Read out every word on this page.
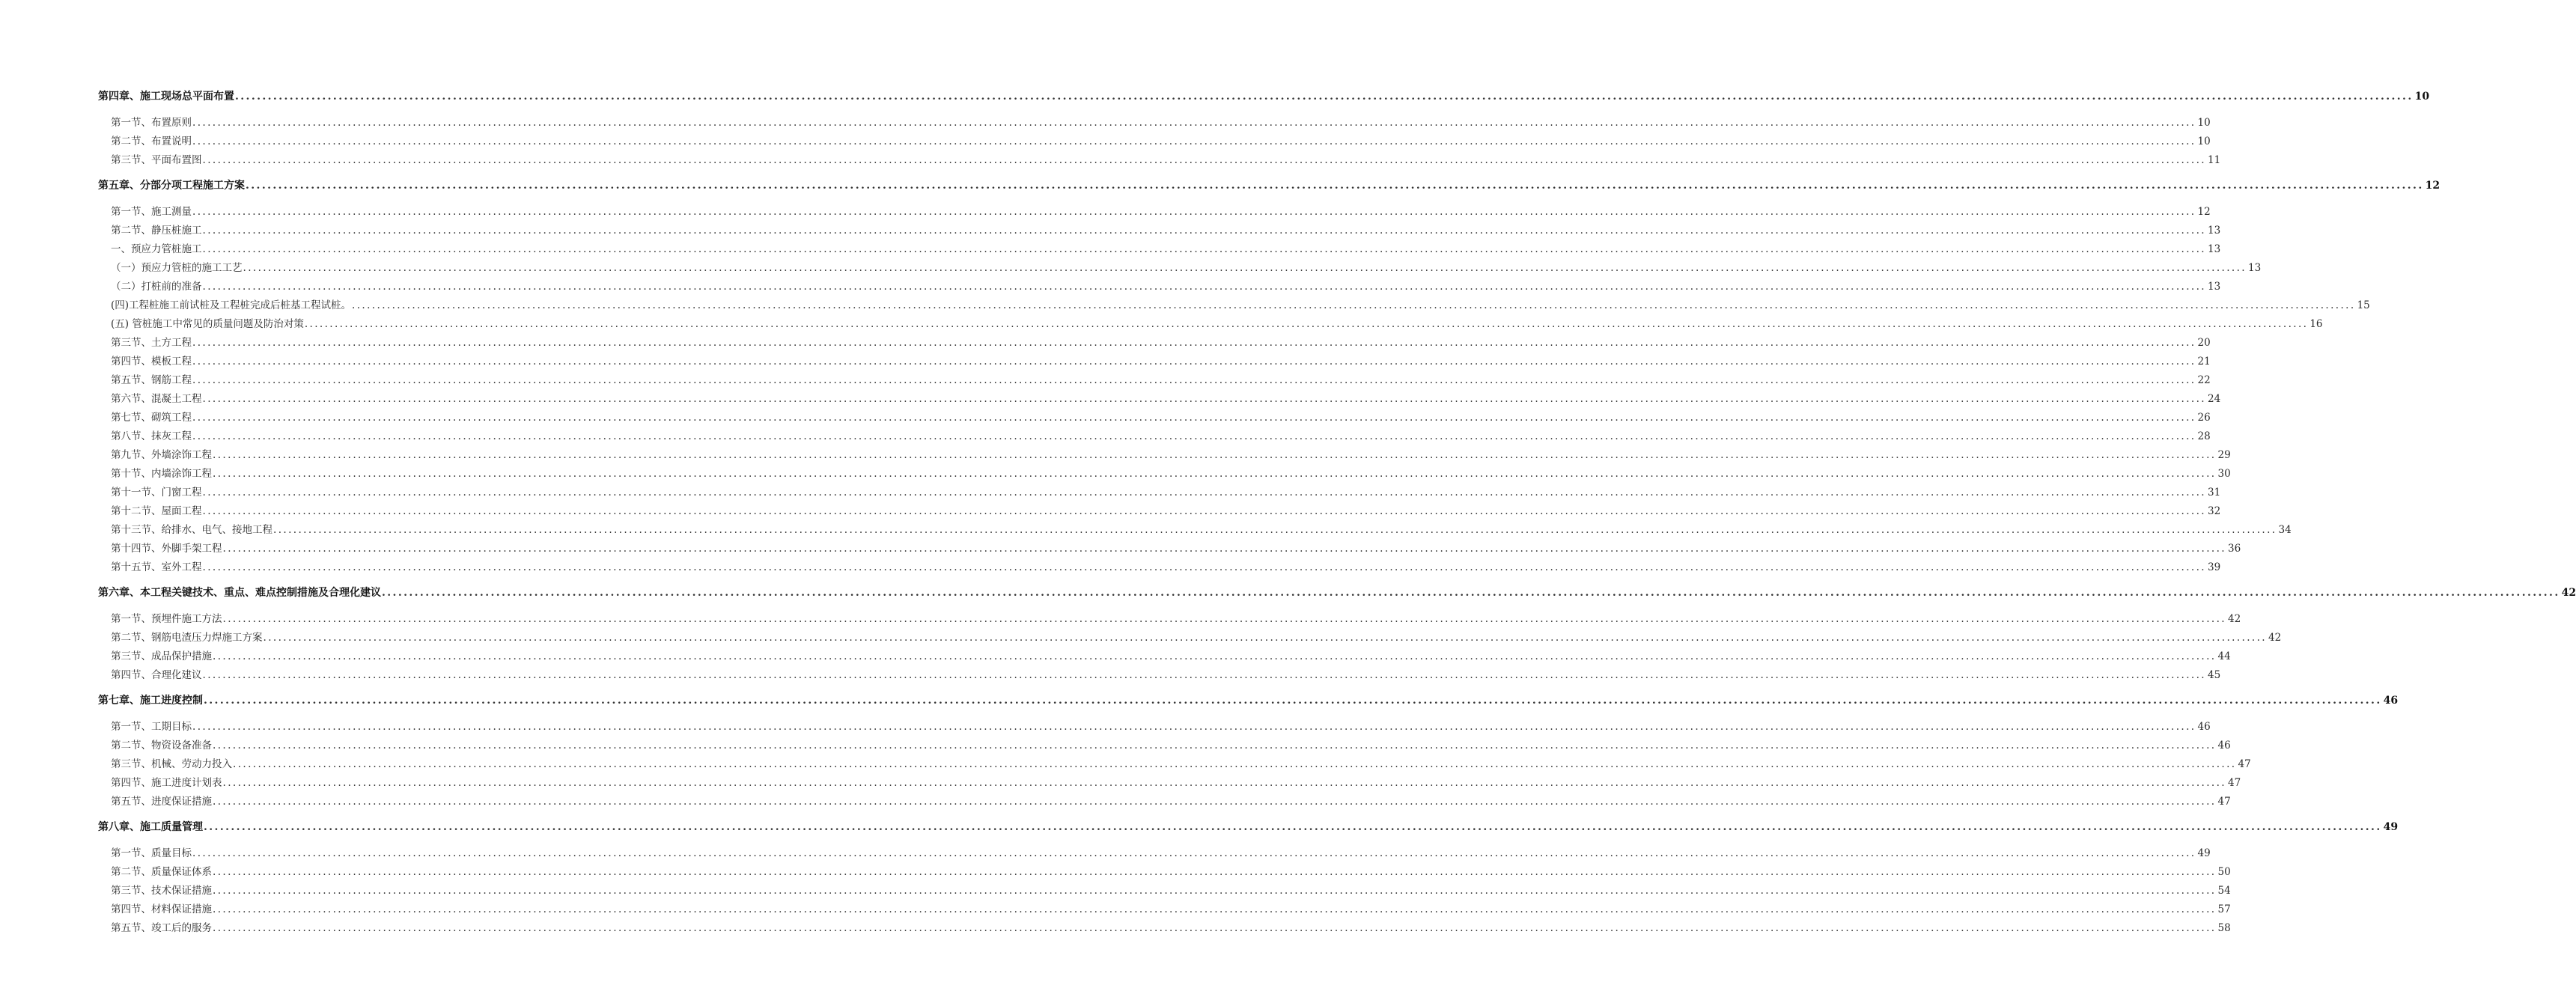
第四章、施工现场总平面布置 ................................................................................................................................................................................................................................................................................................................................................................................................................ 10
第一节、布置原则 ................................................................................................................................................................................................................................................................................................................................................................................................................ 10
第二节、布置说明 ................................................................................................................................................................................................................................................................................................................................................................................................................ 10
第三节、平面布置图 ................................................................................................................................................................................................................................................................................................................................................................................................................ 11
第五章、分部分项工程施工方案 ................................................................................................................................................................................................................................................................................................................................................................................................................ 12
第一节、施工测量 ................................................................................................................................................................................................................................................................................................................................................................................................................ 12
第二节、静压桩施工 ................................................................................................................................................................................................................................................................................................................................................................................................................ 13
一、预应力管桩施工 ................................................................................................................................................................................................................................................................................................................................................................................................................ 13
（一）预应力管桩的施工工艺 ................................................................................................................................................................................................................................................................................................................................................................................................................ 13
（二）打桩前的准备 ................................................................................................................................................................................................................................................................................................................................................................................................................ 13
(四)工程桩施工前试桩及工程桩完成后桩基工程试桩。 ................................................................................................................................................................................................................................................................................................................................................................................................................ 15
(五) 管桩施工中常见的质量问题及防治对策 ................................................................................................................................................................................................................................................................................................................................................................................................................ 16
第三节、土方工程 ................................................................................................................................................................................................................................................................................................................................................................................................................ 20
第四节、模板工程 ................................................................................................................................................................................................................................................................................................................................................................................................................ 21
第五节、钢筋工程 ................................................................................................................................................................................................................................................................................................................................................................................................................ 22
第六节、混凝土工程 ................................................................................................................................................................................................................................................................................................................................................................................................................ 24
第七节、砌筑工程 ................................................................................................................................................................................................................................................................................................................................................................................................................ 26
第八节、抹灰工程 ................................................................................................................................................................................................................................................................................................................................................................................................................ 28
第九节、外墙涂饰工程 ................................................................................................................................................................................................................................................................................................................................................................................................................ 29
第十节、内墙涂饰工程 ................................................................................................................................................................................................................................................................................................................................................................................................................ 30
第十一节、门窗工程 ................................................................................................................................................................................................................................................................................................................................................................................................................ 31
第十二节、屋面工程 ................................................................................................................................................................................................................................................................................................................................................................................................................ 32
第十三节、给排水、电气、接地工程 ................................................................................................................................................................................................................................................................................................................................................................................................................ 34
第十四节、外脚手架工程 ................................................................................................................................................................................................................................................................................................................................................................................................................ 36
第十五节、室外工程 ................................................................................................................................................................................................................................................................................................................................................................................................................ 39
第六章、本工程关键技术、重点、难点控制措施及合理化建议 ................................................................................................................................................................................................................................................................................................................................................................................................................ 42
第一节、预埋件施工方法 ................................................................................................................................................................................................................................................................................................................................................................................................................ 42
第二节、钢筋电渣压力焊施工方案 ................................................................................................................................................................................................................................................................................................................................................................................................................ 42
第三节、成品保护措施 ................................................................................................................................................................................................................................................................................................................................................................................................................ 44
第四节、合理化建议 ................................................................................................................................................................................................................................................................................................................................................................................................................ 45
第七章、施工进度控制 ................................................................................................................................................................................................................................................................................................................................................................................................................ 46
第一节、工期目标 ................................................................................................................................................................................................................................................................................................................................................................................................................ 46
第二节、物资设备准备 ................................................................................................................................................................................................................................................................................................................................................................................................................ 46
第三节、机械、劳动力投入 ................................................................................................................................................................................................................................................................................................................................................................................................................ 47
第四节、施工进度计划表 ................................................................................................................................................................................................................................................................................................................................................................................................................ 47
第五节、进度保证措施 ................................................................................................................................................................................................................................................................................................................................................................................................................ 47
第八章、施工质量管理 ................................................................................................................................................................................................................................................................................................................................................................................................................ 49
第一节、质量目标 ................................................................................................................................................................................................................................................................................................................................................................................................................ 49
第二节、质量保证体系 ................................................................................................................................................................................................................................................................................................................................................................................................................ 50
第三节、技术保证措施 ................................................................................................................................................................................................................................................................................................................................................................................................................ 54
第四节、材料保证措施 ................................................................................................................................................................................................................................................................................................................................................................................................................ 57
第五节、竣工后的服务 ................................................................................................................................................................................................................................................................................................................................................................................................................ 58
